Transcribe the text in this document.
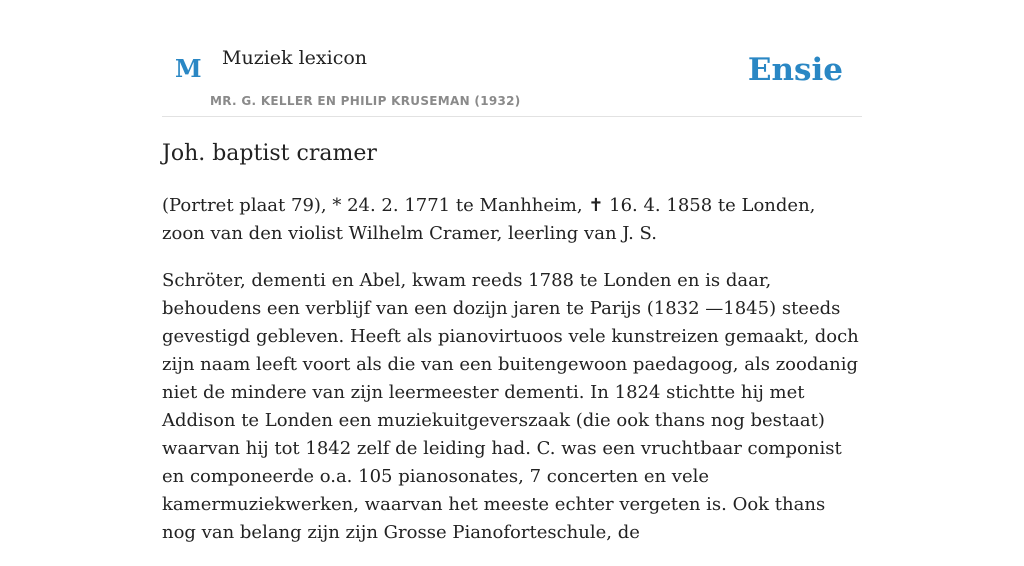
M Muziek lexicon
MR. G. KELLER EN PHILIP KRUSEMAN (1932)
Ensie
Joh. baptist cramer

(Portret plaat 79), * 24. 2. 1771 te Manhheim, ✝ 16. 4. 1858 te Londen, zoon van den violist Wilhelm Cramer, leerling van J. S.

Schröter, dementi en Abel, kwam reeds 1788 te Londen en is daar, behoudens een verblijf van een dozijn jaren te Parijs (1832 —1845) steeds gevestigd gebleven. Heeft als pianovirtuoos vele kunstreizen gemaakt, doch zijn naam leeft voort als die van een buitengewoon paedagoog, als zoodanig niet de mindere van zijn leermeester dementi. In 1824 stichtte hij met Addison te Londen een muziekuitgeverszaak (die ook thans nog bestaat) waarvan hij tot 1842 zelf de leiding had. C. was een vruchtbaar componist en componeerde o.a. 105 pianosonates, 7 concerten en vele kamermuziekwerken, waarvan het meeste echter vergeten is. Ook thans nog van belang zijn zijn Grosse Pianoforteschule, de
